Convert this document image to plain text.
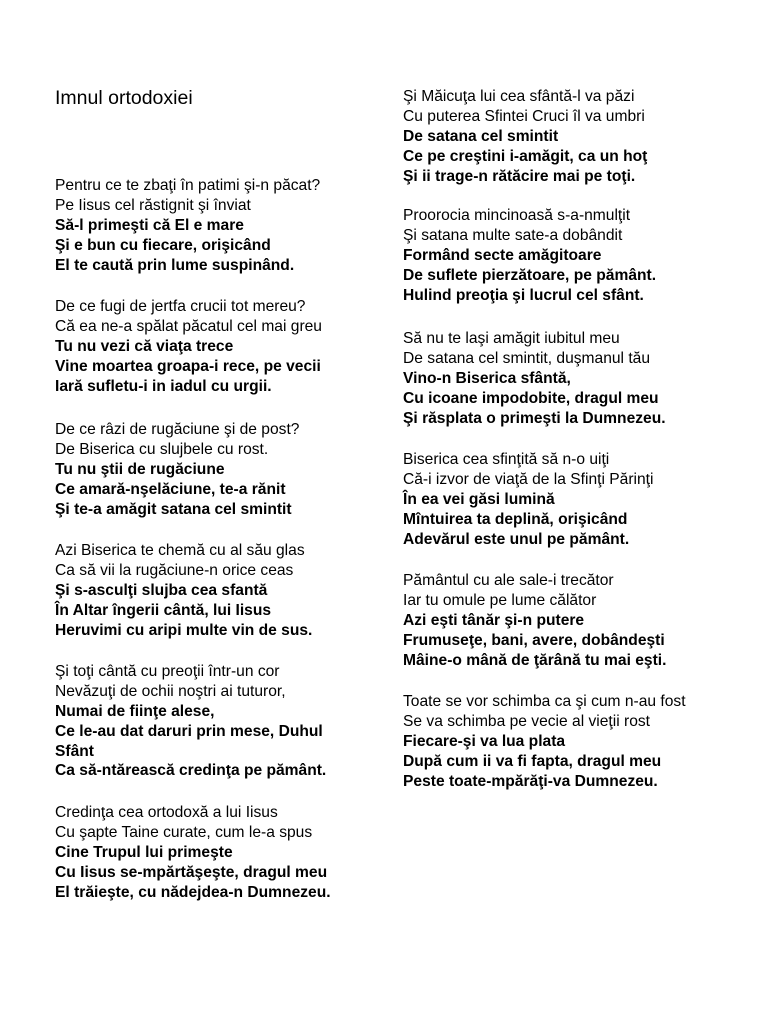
Imnul ortodoxiei
Pentru ce te zbaţi în patimi şi-n păcat?
Pe Iisus cel răstignit şi înviat
Să-l primeşti că El e mare
Şi e bun cu fiecare, orişicând
El te caută prin lume suspinând.
De ce fugi de jertfa crucii tot mereu?
Că ea ne-a spălat păcatul cel mai greu
Tu nu vezi că viaţa trece
Vine moartea groapa-i rece, pe vecii
Iară sufletu-i in iadul cu urgii.
De ce râzi de rugăciune şi de post?
De Biserica cu slujbele cu rost.
Tu nu ştii de rugăciune
Ce amară-nşelăciune, te-a rănit
Şi te-a amăgit satana cel smintit
Azi Biserica te chemă cu al său glas
Ca să vii la rugăciune-n orice ceas
Şi s-asculţi slujba cea sfantă
În Altar îngerii cântă, lui Iisus
Heruvimi cu aripi multe vin de sus.
Şi toţi cântă cu preoţii într-un cor
Nevăzuţi de ochii noştri ai tuturor,
Numai de fiinţe alese,
Ce le-au dat daruri prin mese, Duhul
Sfânt
Ca să-ntărească credinţa pe pământ.
Credinţa cea ortodoxă a lui Iisus
Cu şapte Taine curate, cum le-a spus
Cine Trupul lui primeşte
Cu Iisus se-mpărtăşeşte, dragul meu
El trăieşte, cu nădejdea-n Dumnezeu.
Şi Măicuţa lui cea sfântă-l va păzi
Cu puterea Sfintei Cruci îl va umbri
De satana cel smintit
Ce pe creştini i-amăgit, ca un hoţ
Şi ii trage-n rătăcire mai pe toţi.
Proorocia mincinoasă s-a-nmulţit
Şi satana multe sate-a dobândit
Formând secte amăgitoare
De suflete pierzătoare, pe pământ.
Hulind preoţia şi lucrul cel sfânt.
Să nu te laşi amăgit iubitul meu
De satana cel smintit, duşmanul tău
Vino-n Biserica sfântă,
Cu icoane impodobite, dragul meu
Şi răsplata o primeşti la Dumnezeu.
Biserica cea sfinţită să n-o uiţi
Că-i izvor de viaţă de la Sfinţi Părinţi
În ea vei găsi lumină
Mîntuirea ta deplină, orişicând
Adevărul este unul pe pământ.
Pământul cu ale sale-i trecător
Iar tu omule pe lume călător
Azi eşti tânăr şi-n putere
Frumuseţe, bani, avere, dobândeşti
Mâine-o mână de ţărână tu mai eşti.
Toate se vor schimba ca şi cum n-au fost
Se va schimba pe vecie al vieţii rost
Fiecare-şi va lua plata
După cum ii va fi fapta, dragul meu
Peste toate-mpărăţi-va Dumnezeu.
